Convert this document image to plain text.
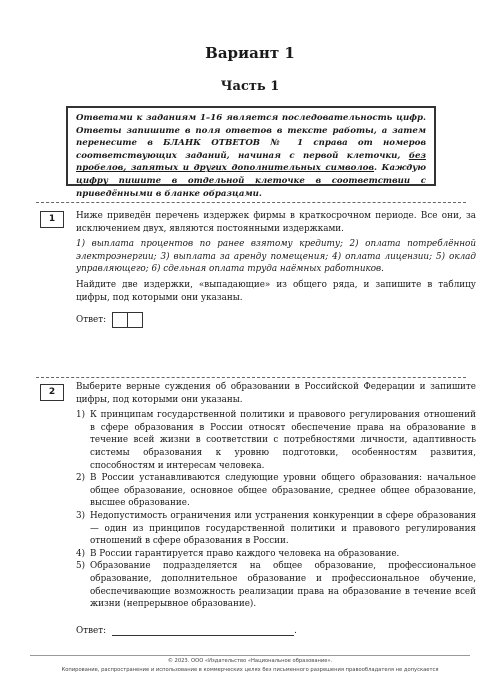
Вариант 1
Часть 1
Ответами к заданиям 1–16 является последовательность цифр. Ответы запишите в поля ответов в тексте работы, а затем перенесите в БЛАНК ОТВЕТОВ № 1 справа от номеров соответствующих заданий, начиная с первой клеточки, без пробелов, запятых и других дополнительных символов. Каждую цифру пишите в отдельной клеточке в соответствии с приведёнными в бланке образцами.
1	Ниже приведён перечень издержек фирмы в краткосрочном периоде. Все они, за исключением двух, являются постоянными издержками.

1) выплата процентов по ранее взятому кредиту; 2) оплата потреблённой электроэнергии; 3) выплата за аренду помещения; 4) оплата лицензии; 5) оклад управляющего; 6) сдельная оплата труда наёмных работников.

Найдите две издержки, «выпадающие» из общего ряда, и запишите в таблицу цифры, под которыми они указаны.

Ответ:
2	Выберите верные суждения об образовании в Российской Федерации и запишите цифры, под которыми они указаны.

1) К принципам государственной политики и правового регулирования отношений в сфере образования в России относят обеспечение права на образование в течение всей жизни в соответствии с потребностями личности, адаптивность системы образования к уровню подготовки, особенностям развития, способностям и интересам человека.
2) В России устанавливаются следующие уровни общего образования: начальное общее образование, основное общее образование, среднее общее образование, высшее образование.
3) Недопустимость ограничения или устранения конкуренции в сфере образования — один из принципов государственной политики и правового регулирования отношений в сфере образования в России.
4) В России гарантируется право каждого человека на образование.
5) Образование подразделяется на общее образование, профессиональное образование, дополнительное образование и профессиональное обучение, обеспечивающие возможность реализации права на образование в течение всей жизни (непрерывное образование).
Ответ:	.
© 2023. ООО «Издательство «Национальное образование».
Копирование, распространение и использование в коммерческих целях без письменного разрешения правообладателя не допускается
